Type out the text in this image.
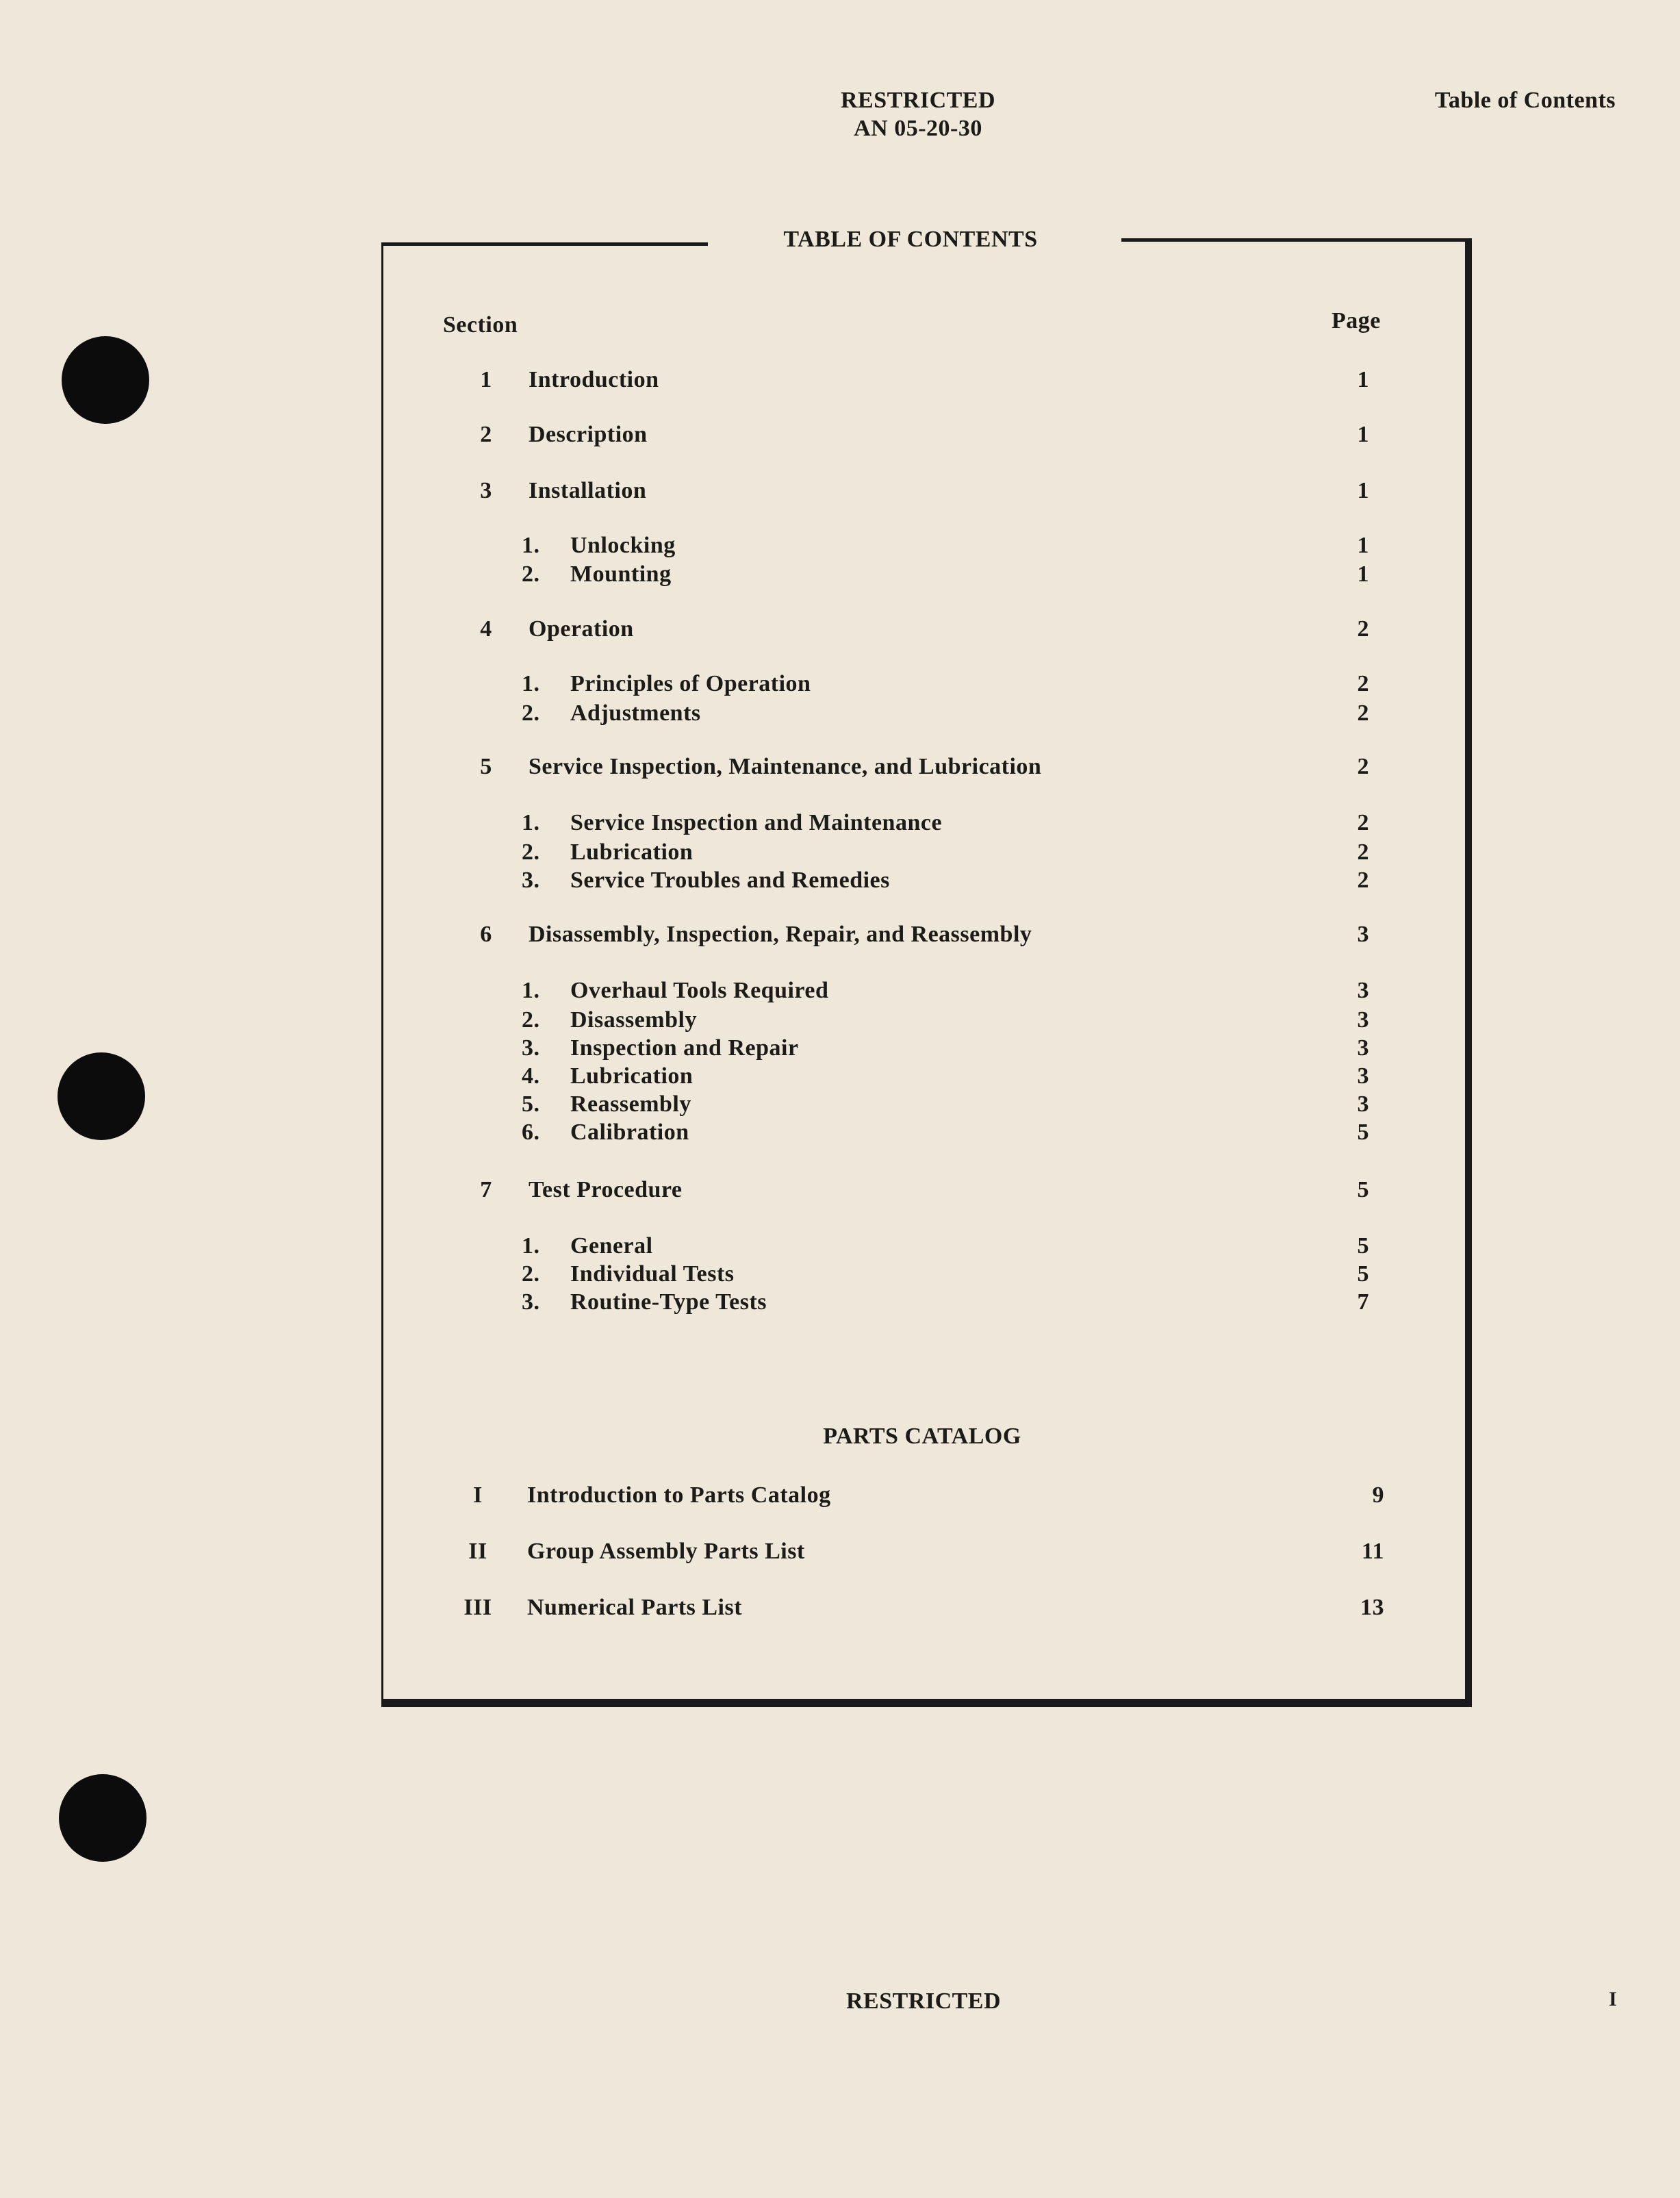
RESTRICTED
AN 05-20-30
Table of Contents
TABLE OF CONTENTS
Section	Page
1	Introduction	1
2	Description	1
3	Installation	1
1. Unlocking	1
2. Mounting	1
4	Operation	2
1. Principles of Operation	2
2. Adjustments	2
5	Service Inspection, Maintenance, and Lubrication	2
1. Service Inspection and Maintenance	2
2. Lubrication	2
3. Service Troubles and Remedies	2
6	Disassembly, Inspection, Repair, and Reassembly	3
1. Overhaul Tools Required	3
2. Disassembly	3
3. Inspection and Repair	3
4. Lubrication	3
5. Reassembly	3
6. Calibration	5
7	Test Procedure	5
1. General	5
2. Individual Tests	5
3. Routine-Type Tests	7
PARTS CATALOG
I	Introduction to Parts Catalog	9
II	Group Assembly Parts List	11
III	Numerical Parts List	13
RESTRICTED	I
